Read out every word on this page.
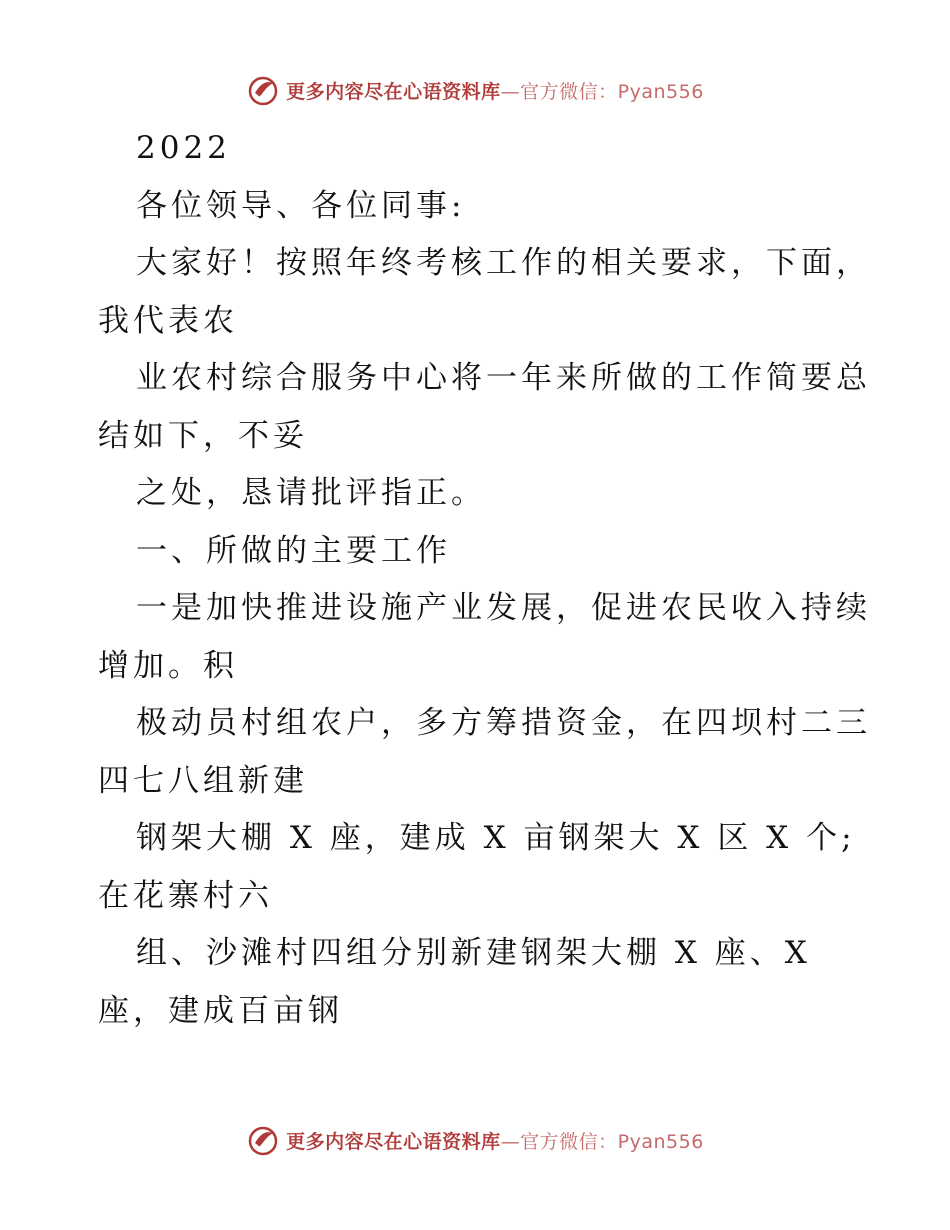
更多内容尽在心语资料库—官方微信：Pyan556
2022
各位领导、各位同事:
大家好！按照年终考核工作的相关要求，下面，
我代表农
业农村综合服务中心将一年来所做的工作简要总
结如下，不妥
之处，恳请批评指正。
一、所做的主要工作
一是加快推进设施产业发展，促进农民收入持续
增加。积
极动员村组农户，多方筹措资金，在四坝村二三
四七八组新建
钢架大棚 X 座，建成 X 亩钢架大 X 区 X 个;
在花寨村六
组、沙滩村四组分别新建钢架大棚 X 座、X
座，建成百亩钢
更多内容尽在心语资料库—官方微信：Pyan556
